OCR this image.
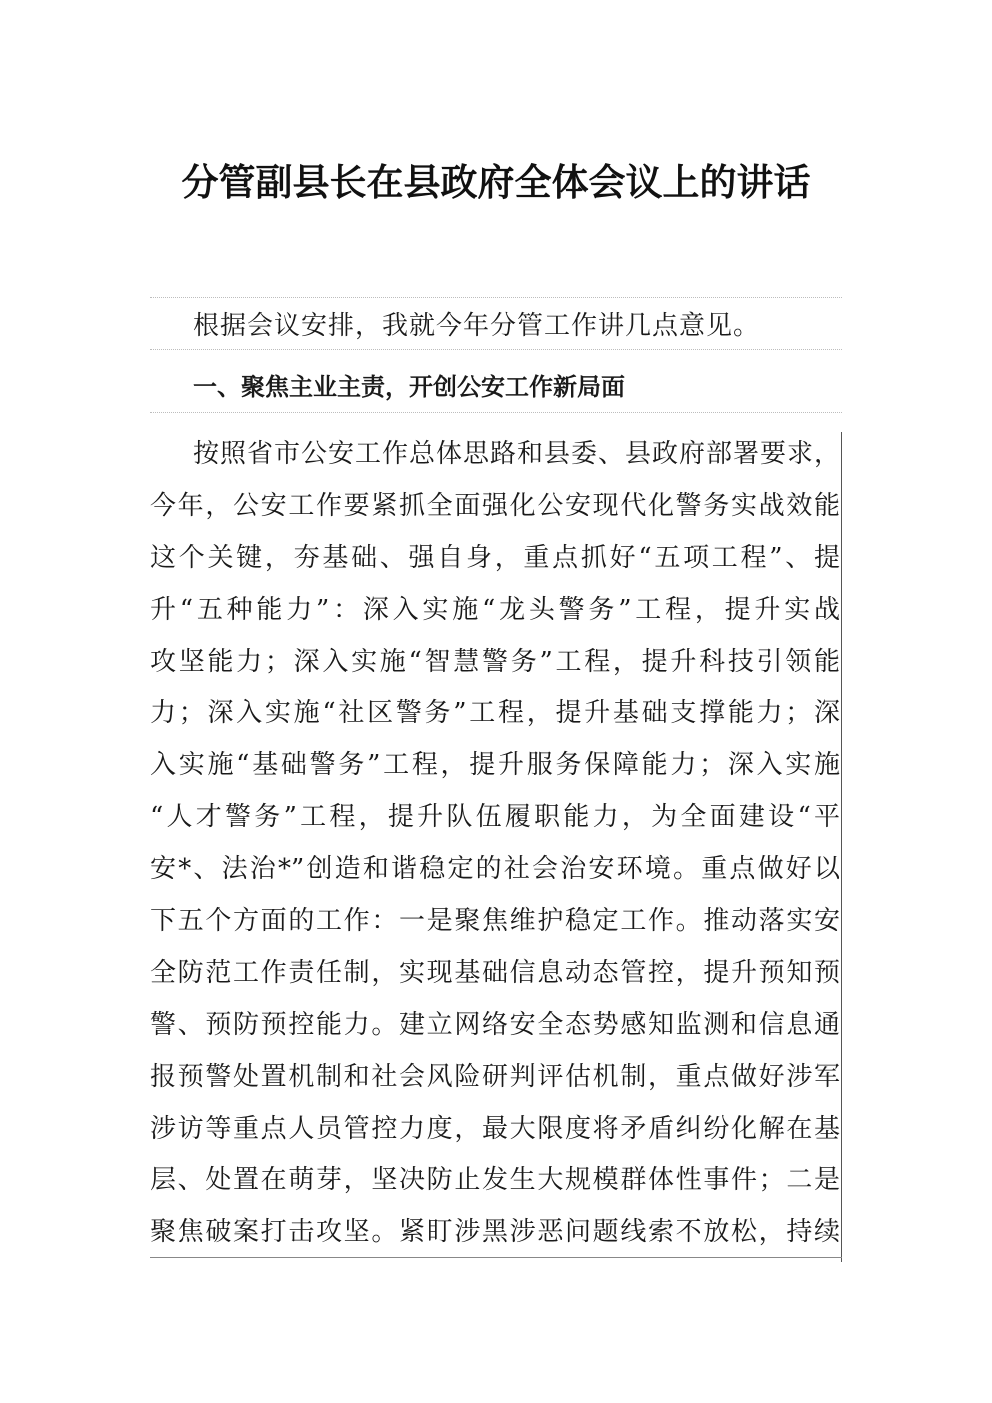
分管副县长在县政府全体会议上的讲话
根据会议安排，我就今年分管工作讲几点意见。
一、聚焦主业主责，开创公安工作新局面
按照省市公安工作总体思路和县委、县政府部署要求，
今年，公安工作要紧抓全面强化公安现代化警务实战效能
这个关键，夯基础、强自身，重点抓好“五项工程”、提
升“五种能力”：深入实施“龙头警务”工程，提升实战
攻坚能力；深入实施“智慧警务”工程，提升科技引领能
力；深入实施“社区警务”工程，提升基础支撑能力；深
入实施“基础警务”工程，提升服务保障能力；深入实施
“人才警务”工程，提升队伍履职能力，为全面建设“平
安*、法治*”创造和谐稳定的社会治安环境。重点做好以
下五个方面的工作：一是聚焦维护稳定工作。推动落实安
全防范工作责任制，实现基础信息动态管控，提升预知预
警、预防预控能力。建立网络安全态势感知监测和信息通
报预警处置机制和社会风险研判评估机制，重点做好涉军
涉访等重点人员管控力度，最大限度将矛盾纠纷化解在基
层、处置在萌芽，坚决防止发生大规模群体性事件；二是
聚焦破案打击攻坚。紧盯涉黑涉恶问题线索不放松，持续
